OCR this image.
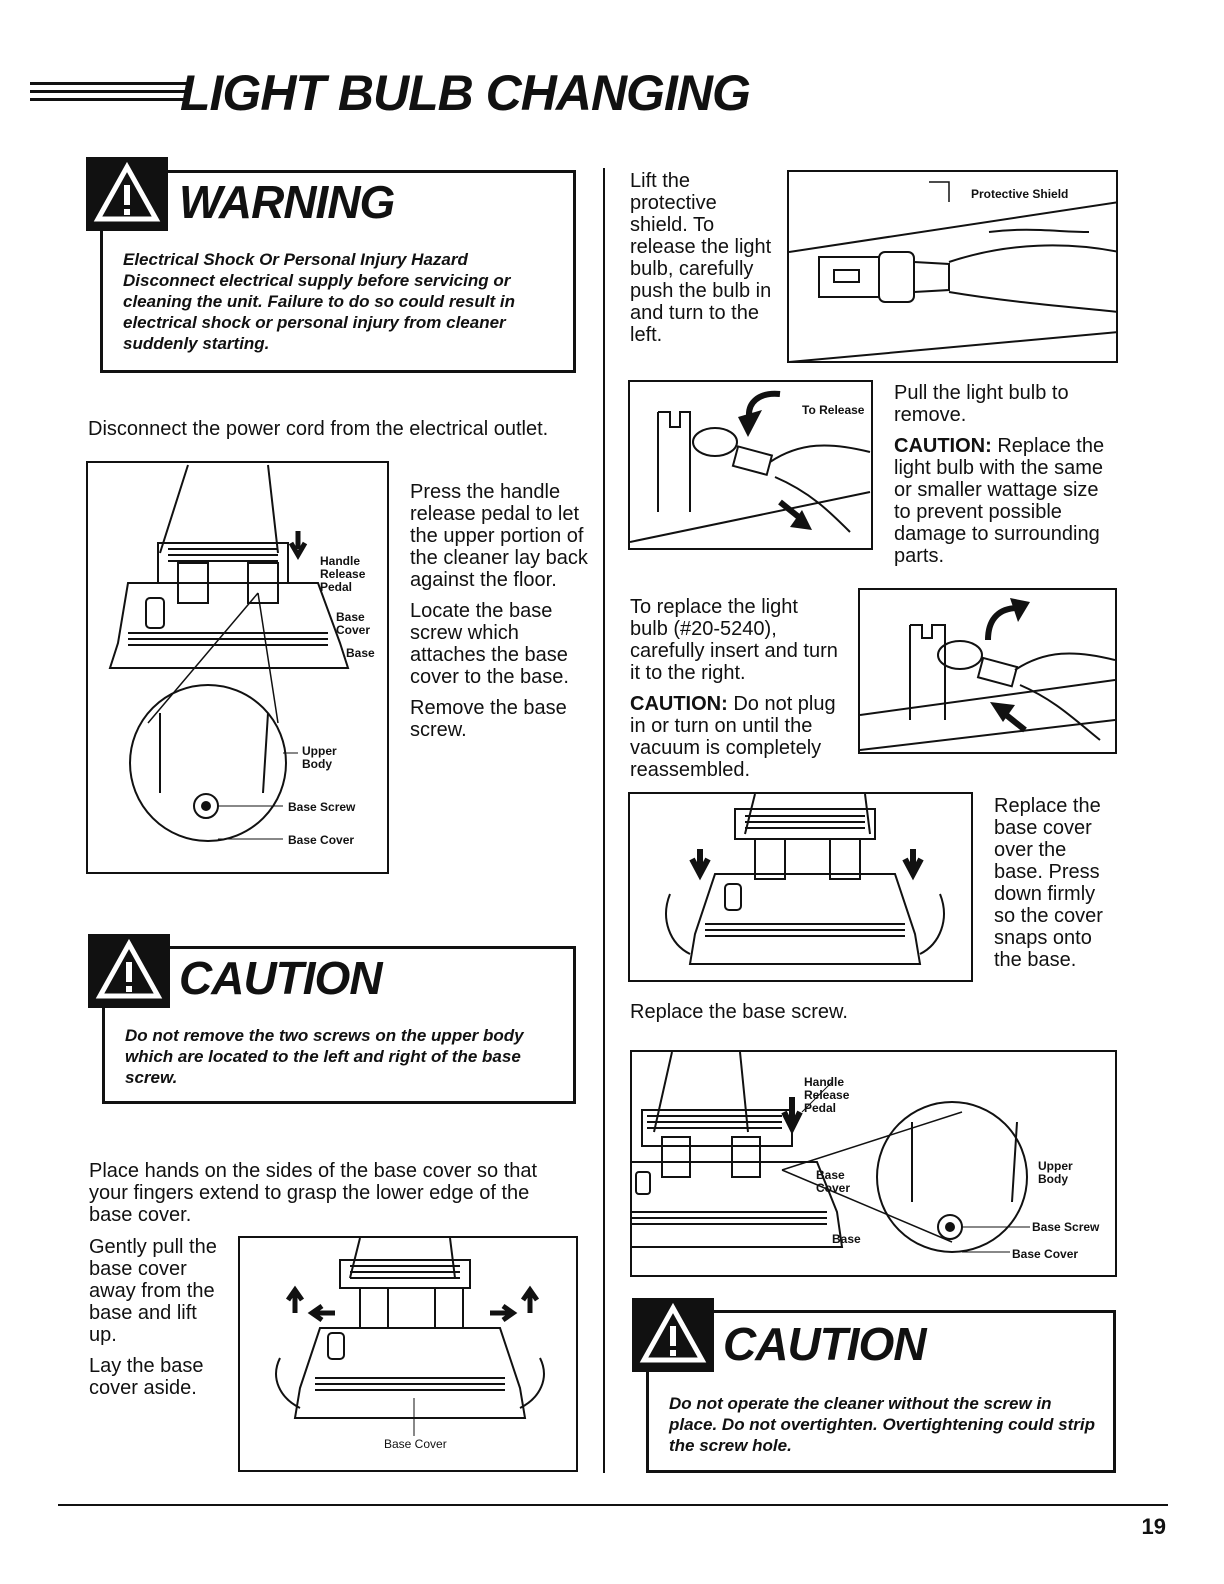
LIGHT BULB CHANGING
WARNING
Electrical Shock Or Personal Injury Hazard
Disconnect electrical supply before servicing or cleaning the unit. Failure to do so could result in electrical shock or personal injury from cleaner suddenly starting.
Disconnect the power cord from the electrical outlet.
Handle Release Pedal
Base Cover
Base
Upper Body
Base Screw
Base Cover

Press the handle release pedal to let the upper portion of the cleaner lay back against the floor.

Locate the base screw which attaches the base cover to the base.

Remove the base screw.

CAUTION
Do not remove the two screws on the upper body which are located to the left and right of the base screw.
Place hands on the sides of the base cover so that your fingers extend to grasp the lower edge of the base cover.

Gently pull the base cover away from the base and lift up.

Lay the base cover aside.

Base Cover
Lift the protective shield. To release the light bulb, carefully push the bulb in and turn to the left.
Protective Shield
To Release

Pull the light bulb to remove.

CAUTION: Replace the light bulb with the same or smaller wattage size to prevent possible damage to surrounding parts.

To replace the light bulb (#20-5240), carefully insert and turn it to the right.

CAUTION: Do not plug in or turn on until the vacuum is completely reassembled.

Replace the base cover over the base. Press down firmly so the cover snaps onto the base.
Replace the base screw.
Handle Release Pedal
Base Cover
Base
Upper Body
Base Screw
Base Cover
CAUTION
Do not operate the cleaner without the screw in place. Do not overtighten. Overtightening could strip the screw hole.
19
